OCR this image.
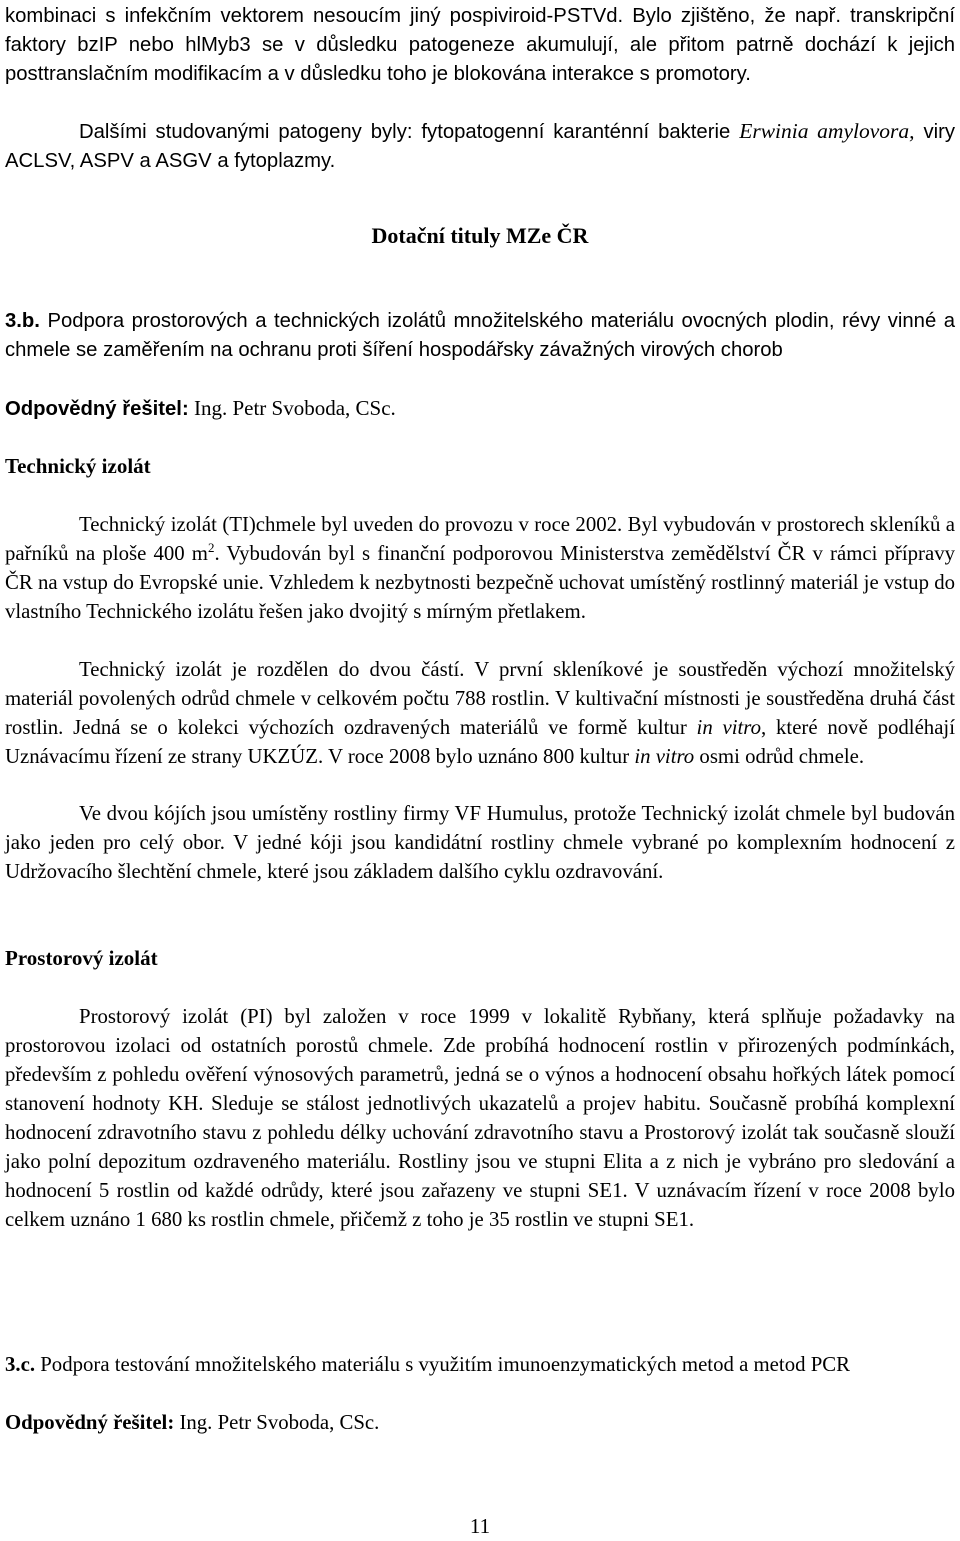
kombinaci s infekčním vektorem nesoucím jiný pospiviroid-PSTVd. Bylo zjištěno, že např. transkripční faktory bzIP nebo hlMyb3 se v důsledku patogeneze akumulují, ale přitom patrně dochází k jejich posttranslačním modifikacím a v důsledku toho je blokována interakce s promotory.

Dalšími studovanými patogeny byly: fytopatogenní karanténní bakterie Erwinia amylovora, viry ACLSV, ASPV a ASGV a fytoplazmy.

Dotační tituly MZe ČR

3.b. Podpora prostorových a technických izolátů množitelského materiálu ovocných plodin, révy vinné a chmele se zaměřením na ochranu proti šíření hospodářsky závažných virových chorob

Odpovědný řešitel: Ing. Petr Svoboda, CSc.

Technický izolát

Technický izolát (TI)chmele byl uveden do provozu v roce 2002. Byl vybudován v prostorech skleníků a pařníků na ploše 400 $m^2$. Vybudován byl s finanční podporovou Ministerstva zemědělství ČR v rámci přípravy ČR na vstup do Evropské unie. Vzhledem k nezbytnosti bezpečně uchovat umístěný rostlinný materiál je vstup do vlastního Technického izolátu řešen jako dvojitý s mírným přetlakem.

Technický izolát je rozdělen do dvou částí. V první skleníkové je soustředěn výchozí množitelský materiál povolených odrůd chmele v celkovém počtu 788 rostlin. V kultivační místnosti je soustředěna druhá část rostlin. Jedná se o kolekci výchozích ozdravených materiálů ve formě kultur in vitro, které nově podléhají Uznávacímu řízení ze strany UKZÚZ. V roce 2008 bylo uznáno 800 kultur in vitro osmi odrůd chmele.

Ve dvou kójích jsou umístěny rostliny firmy VF Humulus, protože Technický izolát chmele byl budován jako jeden pro celý obor. V jedné kóji jsou kandidátní rostliny chmele vybrané po komplexním hodnocení z Udržovacího šlechtění chmele, které jsou základem dalšího cyklu ozdravování.

Prostorový izolát

Prostorový izolát (PI) byl založen v roce 1999 v lokalitě Rybňany, která splňuje požadavky na prostorovou izolaci od ostatních porostů chmele. Zde probíhá hodnocení rostlin v přirozených podmínkách, především z pohledu ověření výnosových parametrů, jedná se o výnos a hodnocení obsahu hořkých látek pomocí stanovení hodnoty KH. Sleduje se stálost jednotlivých ukazatelů a projev habitu. Současně probíhá komplexní hodnocení zdravotního stavu z pohledu délky uchování zdravotního stavu a Prostorový izolát tak současně slouží jako polní depozitum ozdraveného materiálu. Rostliny jsou ve stupni Elita a z nich je vybráno pro sledování a hodnocení 5 rostlin od každé odrůdy, které jsou zařazeny ve stupni SE1. V uznávacím řízení v roce 2008 bylo celkem uznáno 1 680 ks rostlin chmele, přičemž z toho je 35 rostlin ve stupni SE1.

3.c. Podpora testování množitelského materiálu s využitím imunoenzymatických metod a metod PCR

Odpovědný řešitel: Ing. Petr Svoboda, CSc.

11
